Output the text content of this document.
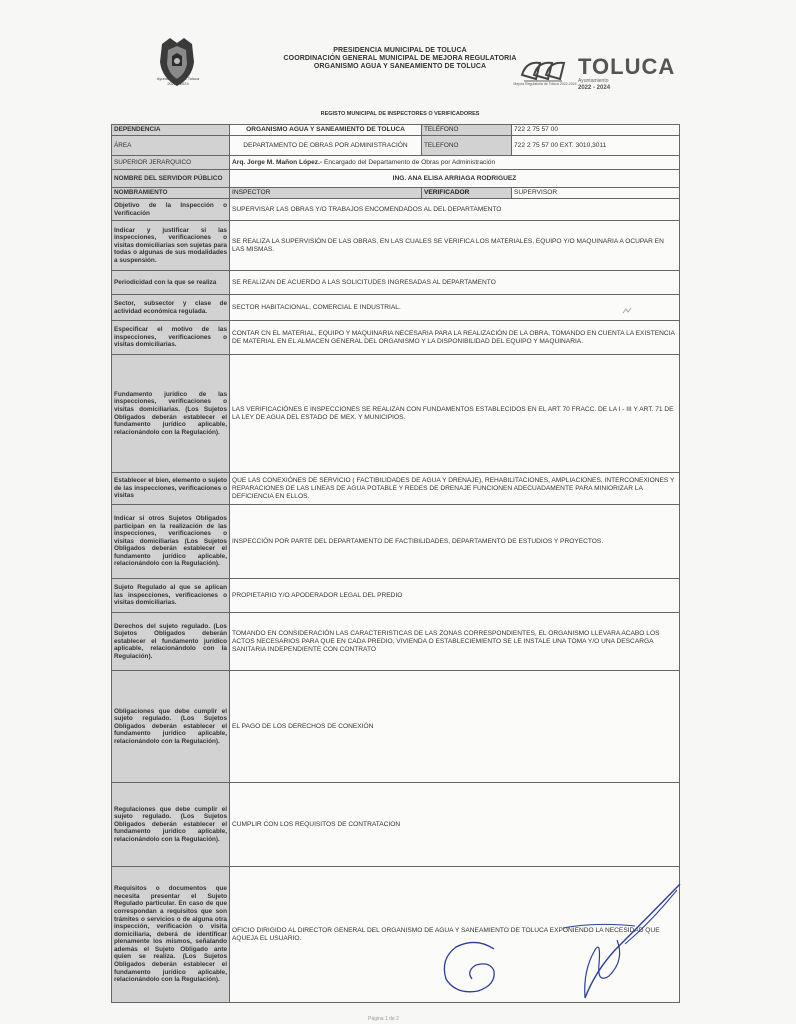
Ayuntamiento de Toluca
2022 - 2024
PRESIDENCIA MUNICIPAL DE TOLUCA
COORDINACIÓN GENERAL MUNICIPAL DE MEJORA REGULATORIA
ORGANISMO AGUA Y SANEAMIENTO DE TOLUCA
Mejora Regulatoria de Toluca 2022-2024
TOLUCA
Ayuntamiento
2022 - 2024
REGISTO MUNICIPAL DE INSPECTORES O VERIFICADORES
DEPENDENCIA	ORGANISMO AGUA Y SANEAMIENTO DE TOLUCA	TELÉFONO	722 2 75 57 00
ÁREA	DEPARTAMENTO DE OBRAS POR ADMINISTRACIÓN	TELEFONO	722 2 75 57 00 EXT. 3010,3011
SUPERIOR JERARQUICO	Arq. Jorge M. Mañon López.- Encargado del Departamento de Obras por Administración		
NOMBRE DEL SERVIDOR PÚBLICO	ING. ANA ELISA ARRIAGA RODRIGUEZ		
NOMBRAMIENTO	INSPECTOR	VERIFICADOR	SUPERVISOR
Objetivo de la Inspección o Verificación	SUPERVISAR LAS OBRAS Y/O TRABAJOS ENCOMENDADOS AL DEL DEPARTAMENTO		
Indicar y justificar si las inspecciones, verificaciones o visitas domiciliarias son sujetas para todas o algunas de sus modalidades a suspensión.	SE REALIZA LA SUPERVISIÓN DE LAS OBRAS, EN LAS CUALES SE VERIFICA LOS MATERIALES, EQUIPO Y/O MAQUINARIA A OCUPAR EN LAS MISMAS.		
Periodicidad con la que se realiza	SE REALIZAN DE ACUERDO A LAS SOLICITUDES INGRESADAS AL DEPARTAMENTO		
Sector, subsector y clase de actividad económica regulada.	SECTOR HABITACIONAL, COMERCIAL E INDUSTRIAL.		
Especificar el motivo de las inspecciones, verificaciones o visitas domiciliarias.	CONTAR CN EL MATERIAL, EQUIPO Y MAQUINARIA NECESARIA PARA LA REALIZACIÓN DE LA OBRA, TOMANDO EN CUENTA LA EXISTENCIA DE MATERIAL EN EL ALMACEN GENERAL DEL ORGANISMO Y LA DISPONIBILIDAD DEL EQUIPO Y MAQUINARIA.		
Fundamento jurídico de las inspecciones, verificaciones o visitas domiciliarias. (Los Sujetos Obligados deberán establecer el fundamento jurídico aplicable, relacionándolo con la Regulación).	LAS VERIFICACIÓNES E INSPECCIONES SE REALIZAN CON FUNDAMENTOS ESTABLECIDOS EN EL ART 70 FRACC. DE LA I - III Y ART. 71 DE LA LEY DE AGUA DEL ESTADO DE MEX. Y MUNICIPIOS.		
Establecer el bien, elemento o sujeto de las inspecciones, verificaciones o visitas	QUE LAS CONEXIÓNES DE SERVICIO ( FACTIBILIDADES DE AGUA Y DRENAJE), REHABILITACIONES, AMPLIACIONES, INTERCONEXIONES Y REPARACIONES DE LAS LINEAS DE AGUA POTABLE Y REDES DE DRENAJE FUNCIONEN ADECUADAMENTE PARA MINIORIZAR LA DEFICIENCIA EN ELLOS.		
Indicar si otros Sujetos Obligados participan en la realización de las inspecciones, verificaciones o visitas domiciliarias (Los Sujetos Obligados deberán establecer el fundamento jurídico aplicable, relacionándolo con la Regulación).	INSPECCIÓN POR PARTE DEL DEPARTAMENTO DE FACTIBILIDADES, DEPARTAMENTO DE ESTUDIOS Y PROYECTOS.		
Sujeto Regulado al que se aplican las inspecciones, verificaciones o visitas domiciliarias.	PROPIETARIO Y/O APODERADOR LEGAL DEL PREDIO		
Derechos del sujeto regulado. (Los Sujetos Obligados deberán establecer el fundamento jurídico aplicable, relacionándolo con la Regulación).	TOMANDO EN CONSIDERACIÓN LAS CARACTERISTICAS DE LAS ZONAS CORRESPONDIENTES, EL ORGANISMO LLEVARA ACABO LOS ACTOS NECESARIOS PARA QUE EN CADA PREDIO, VIVIENDA O ESTABLECIEMIENTO SE LE INSTALE UNA TOMA Y/O UNA DESCARGA SANITARIA INDEPENDIENTE CON CONTRATO		
Obligaciones que debe cumplir el sujeto regulado. (Los Sujetos Obligados deberán establecer el fundamento jurídico aplicable, relacionándolo con la Regulación).	EL PAGO DE LOS DERECHOS DE CONEXIÓN		
Regulaciones que debe cumplir el sujeto regulado. (Los Sujetos Obligados deberán establecer el fundamento jurídico aplicable, relacionándolo con la Regulación).	CUMPLIR CON LOS REQUISITOS DE CONTRATACION		
Requisitos o documentos que necesita presentar el Sujeto Regulado particular. En caso de que correspondan a requisitos que son trámites o servicios o de alguna otra inspección, verificación o visita domiciliaria, deberá de identificar plenamente los mismos, señalando además el Sujeto Obligado ante quien se realiza. (Los Sujetos Obligados deberán establecer el fundamento jurídico aplicable, relacionándolo con la Regulación).	OFICIO DIRIGIDO AL DIRECTOR GENERAL DEL ORGANISMO DE AGUA Y SANEAMIENTO DE TOLUCA EXPONIENDO LA NECESIDAD QUE AQUEJA EL USUARIO.		
Página 1 de 2
